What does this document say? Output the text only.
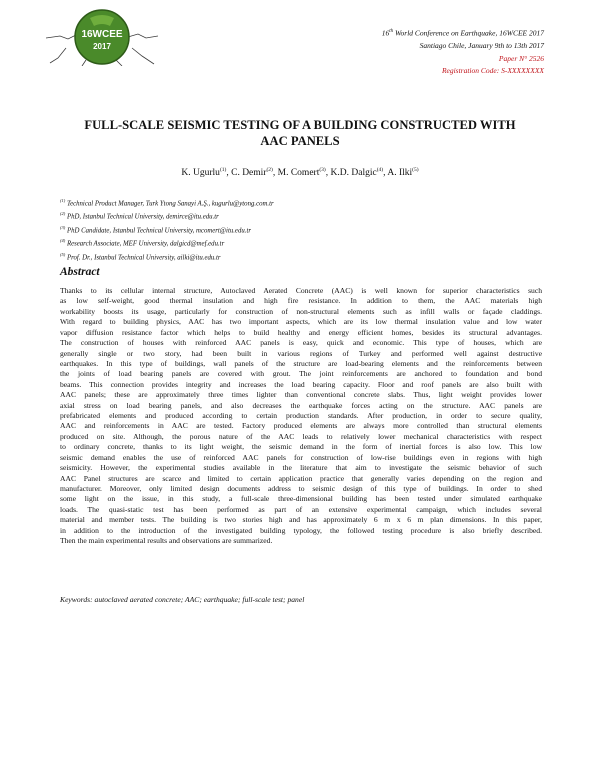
16WCEE
2017
16th World Conference on Earthquake, 16WCEE 2017
Santiago Chile, January 9th to 13th 2017
Paper N° 2526
Registration Code: S-XXXXXXXX
FULL-SCALE SEISMIC TESTING OF A BUILDING CONSTRUCTED WITH
AAC PANELS
K. Ugurlu$^{(1)}$, C. Demir$^{(2)}$, M. Comert$^{(3)}$, K.D. Dalgic$^{(4)}$, A. Ilki$^{(5)}$
$^{(1)}$ Technical Product Manager, Turk Ytong Sanayi A.Ş., kugurlu@ytong.com.tr
$^{(2)}$ PhD, Istanbul Technical University, demirce@itu.edu.tr
$^{(3)}$ PhD Candidate, Istanbul Technical University, mcomert@itu.edu.tr
$^{(4)}$ Research Associate, MEF University, dalgicd@mef.edu.tr
$^{(5)}$ Prof. Dr., Istanbul Technical University, ailki@itu.edu.tr
Abstract
Thanks to its cellular internal structure, Autoclaved Aerated Concrete (AAC) is well known for superior characteristics such
as low self-weight, good thermal insulation and high fire resistance. In addition to them, the AAC materials high
workability boosts its usage, particularly for construction of non-structural elements such as infill walls or façade claddings.
With regard to building physics, AAC has two important aspects, which are its low thermal insulation value and low water
vapor diffusion resistance factor which helps to build healthy and energy efficient homes, besides its structural advantages.
The construction of houses with reinforced AAC panels is easy, quick and economic. This type of houses, which are
generally single or two story, had been built in various regions of Turkey and performed well against destructive
earthquakes. In this type of buildings, wall panels of the structure are load-bearing elements and the reinforcements between
the joints of load bearing panels are covered with grout. The joint reinforcements are anchored to foundation and bond
beams. This connection provides integrity and increases the load bearing capacity. Floor and roof panels are also built with
AAC panels; these are approximately three times lighter than conventional concrete slabs. Thus, light weight provides lower
axial stress on load bearing panels, and also decreases the earthquake forces acting on the structure. AAC panels are
prefabricated elements and produced according to certain production standards. After production, in order to secure quality,
AAC and reinforcements in AAC are tested. Factory produced elements are always more controlled than structural elements
produced on site. Although, the porous nature of the AAC leads to relatively lower mechanical characteristics with respect
to ordinary concrete, thanks to its light weight, the seismic demand in the form of inertial forces is also low. This low
seismic demand enables the use of reinforced AAC panels for construction of low-rise buildings even in regions with high
seismicity. However, the experimental studies available in the literature that aim to investigate the seismic behavior of such
AAC Panel structures are scarce and limited to certain application practice that generally varies depending on the region and
manufacturer. Moreover, only limited design documents address to seismic design of this type of buildings. In order to shed
some light on the issue, in this study, a full-scale three-dimensional building has been tested under simulated earthquake
loads. The quasi-static test has been performed as part of an extensive experimental campaign, which includes several
material and member tests. The building is two stories high and has approximately 6 m x 6 m plan dimensions. In this paper,
in addition to the introduction of the investigated building typology, the followed testing procedure is also briefly described.
Then the main experimental results and observations are summarized.
Keywords: autoclaved aerated concrete; AAC; earthquake; full-scale test; panel
